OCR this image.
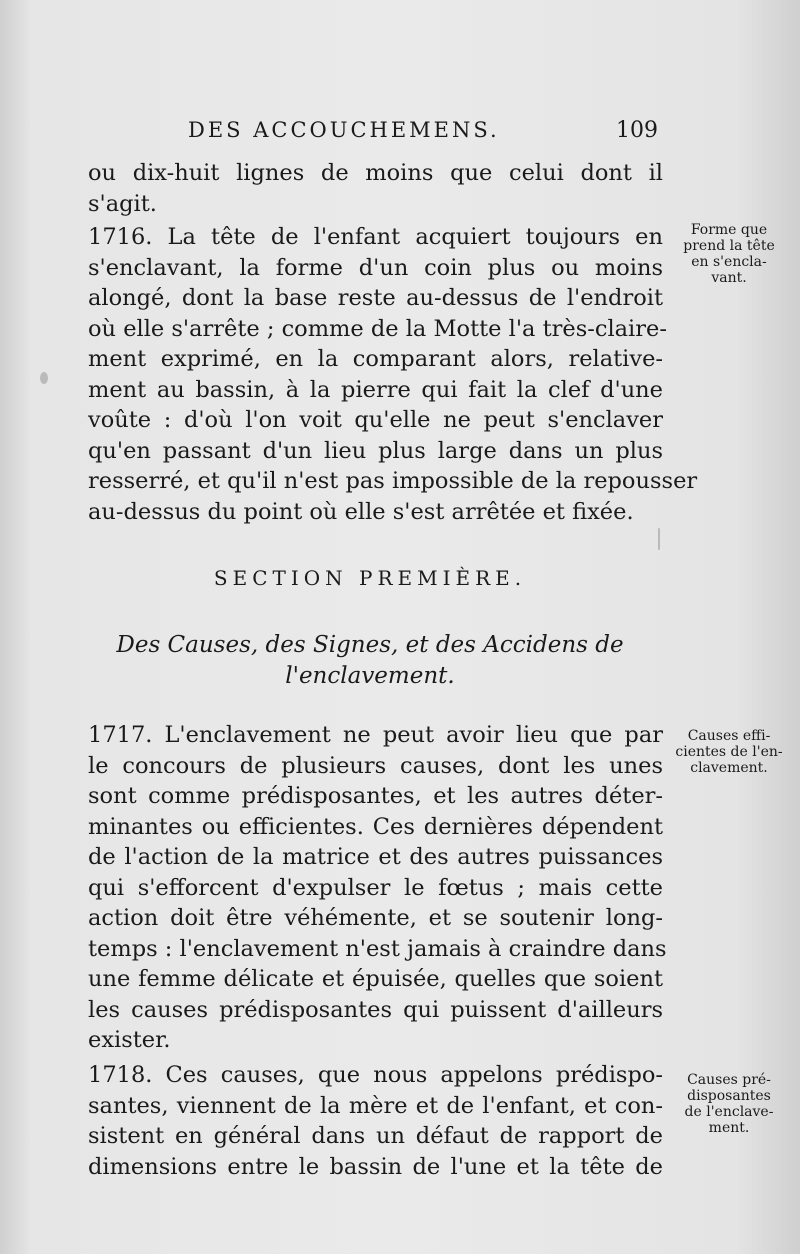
DES ACCOUCHEMENS.	109
ou dix-huit lignes de moins que celui dont il
s'agit.
1716. La tête de l'enfant acquiert toujours en
s'enclavant, la forme d'un coin plus ou moins
alongé, dont la base reste au-dessus de l'endroit
où elle s'arrête ; comme de la Motte l'a très-claire-
ment exprimé, en la comparant alors, relative-
ment au bassin, à la pierre qui fait la clef d'une
voûte : d'où l'on voit qu'elle ne peut s'enclaver
qu'en passant d'un lieu plus large dans un plus
resserré, et qu'il n'est pas impossible de la repousser
au-dessus du point où elle s'est arrêtée et fixée.
SECTION PREMIÈRE.
Des Causes, des Signes, et des Accidens de
l'enclavement.
1717. L'enclavement ne peut avoir lieu que par
le concours de plusieurs causes, dont les unes
sont comme prédisposantes, et les autres déter-
minantes ou efficientes. Ces dernières dépendent
de l'action de la matrice et des autres puissances
qui s'efforcent d'expulser le fœtus ; mais cette
action doit être véhémente, et se soutenir long-
temps : l'enclavement n'est jamais à craindre dans
une femme délicate et épuisée, quelles que soient
les causes prédisposantes qui puissent d'ailleurs
exister.
1718. Ces causes, que nous appelons prédispo-
santes, viennent de la mère et de l'enfant, et con-
sistent en général dans un défaut de rapport de
dimensions entre le bassin de l'une et la tête de
Forme que
prend la tête
en s'encla-
vant.
Causes effi-
cientes de l'en-
clavement.
Causes pré-
disposantes
de l'enclave-
ment.
